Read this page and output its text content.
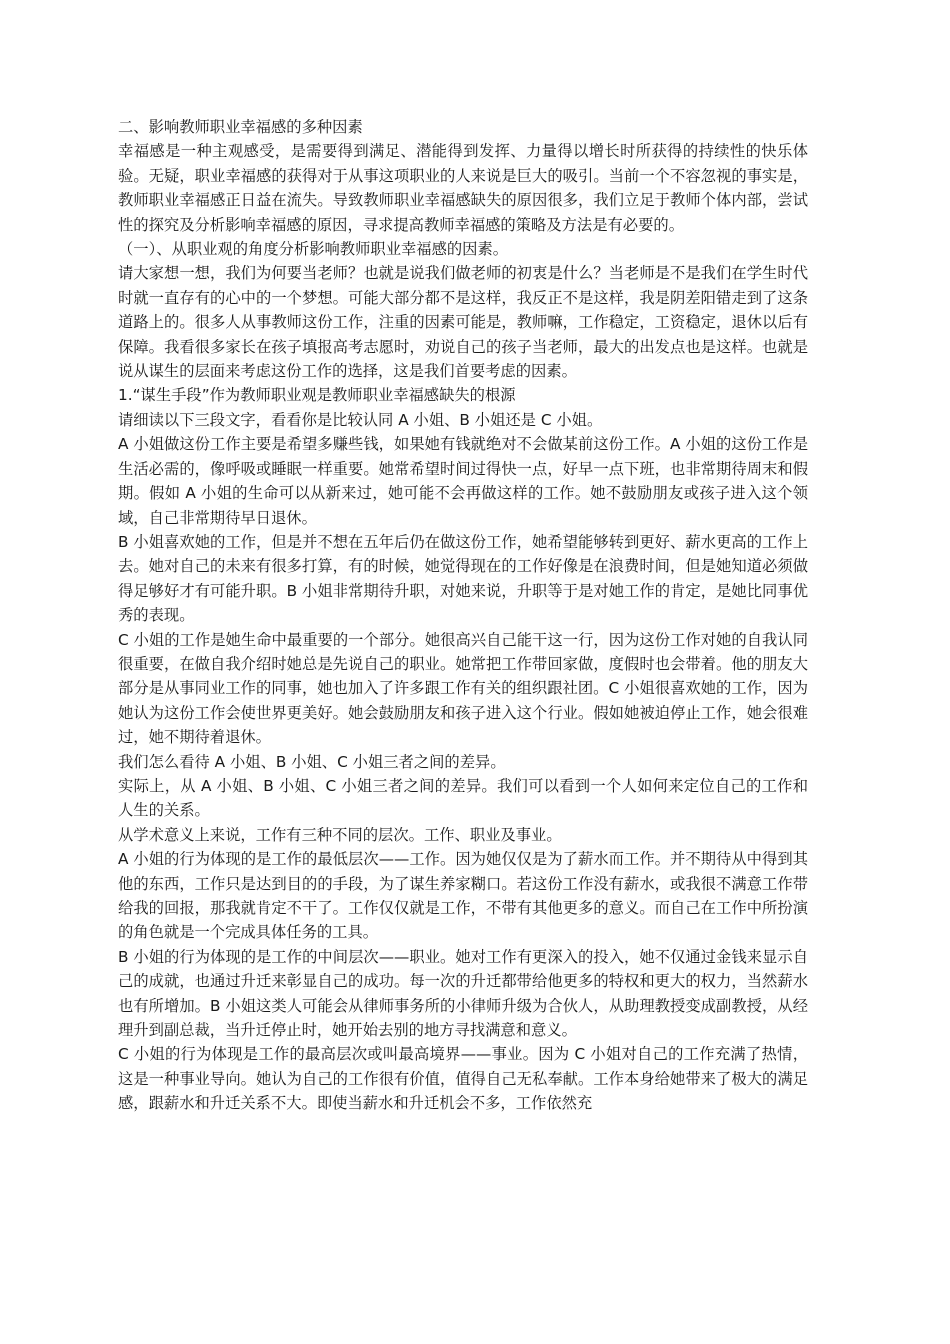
二、影响教师职业幸福感的多种因素

幸福感是一种主观感受，是需要得到满足、潜能得到发挥、力量得以增长时所获得的持续性的快乐体验。无疑，职业幸福感的获得对于从事这项职业的人来说是巨大的吸引。当前一个不容忽视的事实是，教师职业幸福感正日益在流失。导致教师职业幸福感缺失的原因很多，我们立足于教师个体内部，尝试性的探究及分析影响幸福感的原因，寻求提高教师幸福感的策略及方法是有必要的。

（一）、从职业观的角度分析影响教师职业幸福感的因素。

请大家想一想，我们为何要当老师？也就是说我们做老师的初衷是什么？当老师是不是我们在学生时代时就一直存有的心中的一个梦想。可能大部分都不是这样，我反正不是这样，我是阴差阳错走到了这条道路上的。很多人从事教师这份工作，注重的因素可能是，教师嘛，工作稳定，工资稳定，退休以后有保障。我看很多家长在孩子填报高考志愿时，劝说自己的孩子当老师，最大的出发点也是这样。也就是说从谋生的层面来考虑这份工作的选择，这是我们首要考虑的因素。

1.“谋生手段”作为教师职业观是教师职业幸福感缺失的根源

请细读以下三段文字，看看你是比较认同 A 小姐、B 小姐还是 C 小姐。

A 小姐做这份工作主要是希望多赚些钱，如果她有钱就绝对不会做某前这份工作。A 小姐的这份工作是生活必需的，像呼吸或睡眠一样重要。她常希望时间过得快一点，好早一点下班，也非常期待周末和假期。假如 A 小姐的生命可以从新来过，她可能不会再做这样的工作。她不鼓励朋友或孩子进入这个领域，自己非常期待早日退休。

B 小姐喜欢她的工作，但是并不想在五年后仍在做这份工作，她希望能够转到更好、薪水更高的工作上去。她对自己的未来有很多打算，有的时候，她觉得现在的工作好像是在浪费时间，但是她知道必须做得足够好才有可能升职。B 小姐非常期待升职，对她来说，升职等于是对她工作的肯定，是她比同事优秀的表现。

C 小姐的工作是她生命中最重要的一个部分。她很高兴自己能干这一行，因为这份工作对她的自我认同很重要，在做自我介绍时她总是先说自己的职业。她常把工作带回家做，度假时也会带着。他的朋友大部分是从事同业工作的同事，她也加入了许多跟工作有关的组织跟社团。C 小姐很喜欢她的工作，因为她认为这份工作会使世界更美好。她会鼓励朋友和孩子进入这个行业。假如她被迫停止工作，她会很难过，她不期待着退休。

我们怎么看待 A 小姐、B 小姐、C 小姐三者之间的差异。

实际上，从 A 小姐、B 小姐、C 小姐三者之间的差异。我们可以看到一个人如何来定位自己的工作和人生的关系。

从学术意义上来说，工作有三种不同的层次。工作、职业及事业。

A 小姐的行为体现的是工作的最低层次——工作。因为她仅仅是为了薪水而工作。并不期待从中得到其他的东西，工作只是达到目的的手段，为了谋生养家糊口。若这份工作没有薪水，或我很不满意工作带给我的回报，那我就肯定不干了。工作仅仅就是工作，不带有其他更多的意义。而自己在工作中所扮演的角色就是一个完成具体任务的工具。

B 小姐的行为体现的是工作的中间层次——职业。她对工作有更深入的投入，她不仅通过金钱来显示自己的成就，也通过升迁来彰显自己的成功。每一次的升迁都带给他更多的特权和更大的权力，当然薪水也有所增加。B 小姐这类人可能会从律师事务所的小律师升级为合伙人，从助理教授变成副教授，从经理升到副总裁，当升迁停止时，她开始去别的地方寻找满意和意义。

C 小姐的行为体现是工作的最高层次或叫最高境界——事业。因为 C 小姐对自己的工作充满了热情，这是一种事业导向。她认为自己的工作很有价值，值得自己无私奉献。工作本身给她带来了极大的满足感，跟薪水和升迁关系不大。即使当薪水和升迁机会不多，工作依然充
